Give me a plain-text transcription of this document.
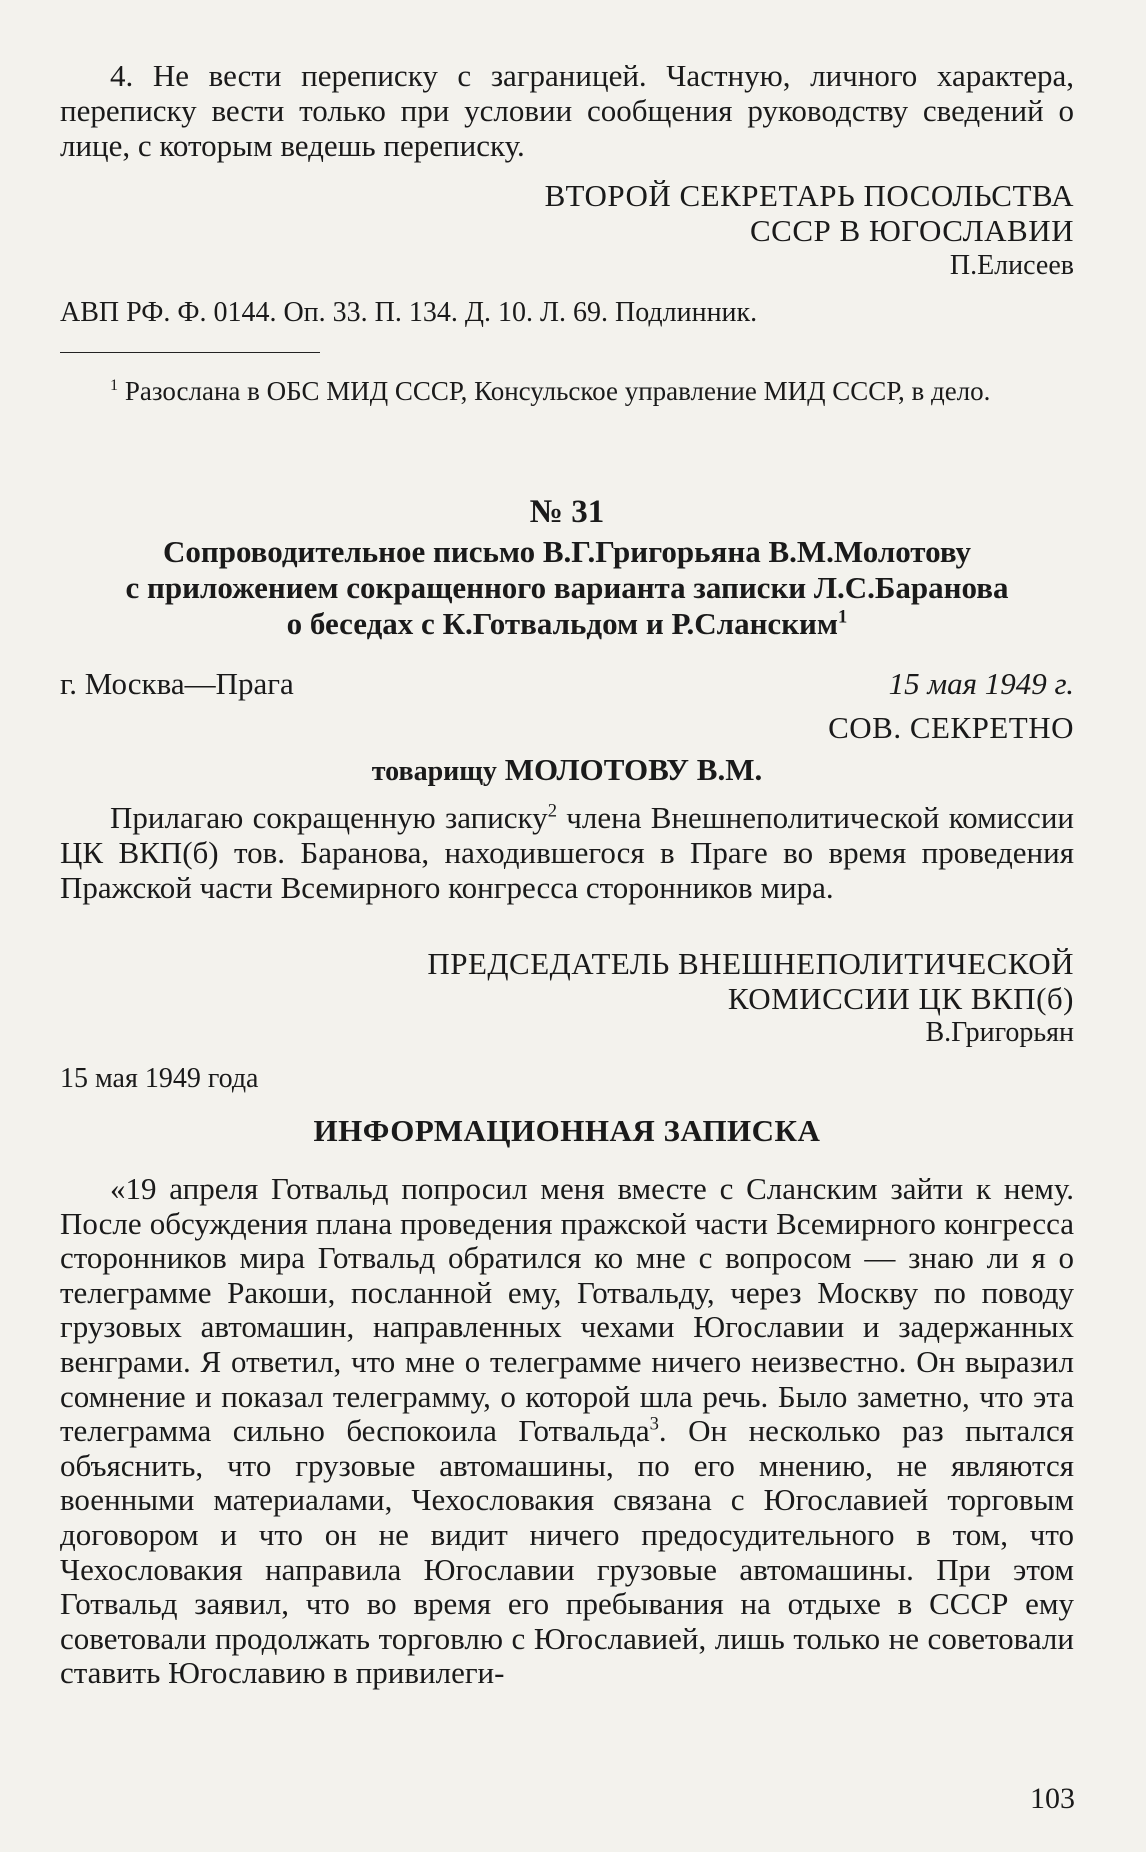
4. Не вести переписку с заграницей. Частную, личного характера, переписку вести только при условии сообщения руководству сведений о лице, с которым ведешь переписку.

ВТОРОЙ СЕКРЕТАРЬ ПОСОЛЬСТВА
СССР В ЮГОСЛАВИИ
П.Елисеев
АВП РФ. Ф. 0144. Оп. 33. П. 134. Д. 10. Л. 69. Подлинник.

$^1$ Разослана в ОБС МИД СССР, Консульское управление МИД СССР, в дело.

№ 31
Сопроводительное письмо В.Г.Григорьяна В.М.Молотову
с приложением сокращенного варианта записки Л.С.Баранова
о беседах с К.Готвальдом и Р.Сланским$^1$
г. Москва—Прага	15 мая 1949 г.
СОВ. СЕКРЕТНО
товарищу МОЛОТОВУ В.М.

Прилагаю сокращенную записку$^2$ члена Внешнеполитической комиссии ЦК ВКП(б) тов. Баранова, находившегося в Праге во время проведения Пражской части Всемирного конгресса сторонников мира.

ПРЕДСЕДАТЕЛЬ ВНЕШНЕПОЛИТИЧЕСКОЙ
КОМИССИИ ЦК ВКП(б)
В.Григорьян
15 мая 1949 года
ИНФОРМАЦИОННАЯ ЗАПИСКА

«19 апреля Готвальд попросил меня вместе с Сланским зайти к нему. После обсуждения плана проведения пражской части Всемирного конгресса сторонников мира Готвальд обратился ко мне с вопросом — знаю ли я о телеграмме Ракоши, посланной ему, Готвальду, через Москву по поводу грузовых автомашин, направленных чехами Югославии и задержанных венграми. Я ответил, что мне о телеграмме ничего неизвестно. Он выразил сомнение и показал телеграмму, о которой шла речь. Было заметно, что эта телеграмма сильно беспокоила Готвальда$^3$. Он несколько раз пытался объяснить, что грузовые автомашины, по его мнению, не являются военными материалами, Чехословакия связана с Югославией торговым договором и что он не видит ничего предосудительного в том, что Чехословакия направила Югославии грузовые автомашины. При этом Готвальд заявил, что во время его пребывания на отдыхе в СССР ему советовали продолжать торговлю с Югославией, лишь только не советовали ставить Югославию в привилеги-

103
